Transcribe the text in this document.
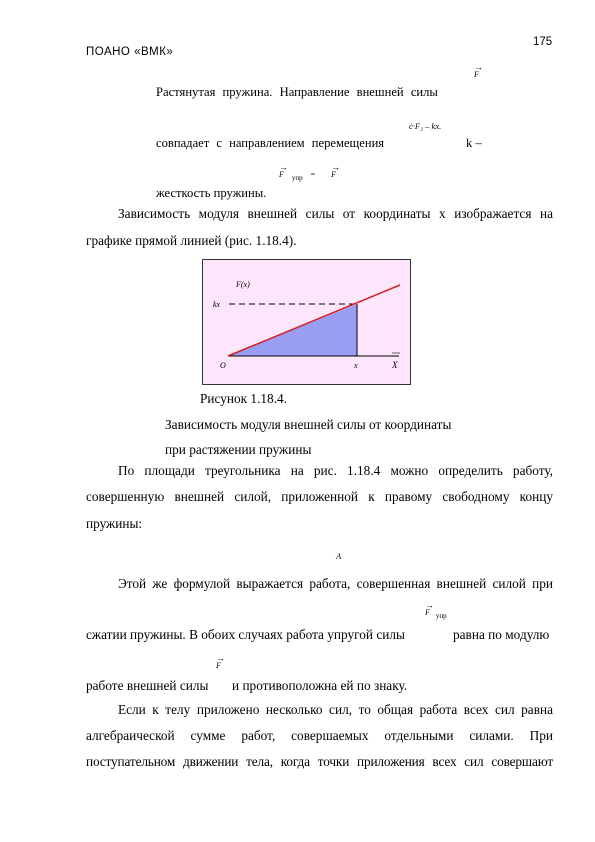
175
ПОАНО «ВМК»
→ F
Растянутая пружина. Направление внешней силы
ċ·F₂ – kx.
совпадает с направлением перемещения	k –
→ F $_{упр}$ = → F
жесткость пружины.
Зависимость модуля внешней силы от координаты x изображается на
графике прямой линией (рис. 1.18.4).
F(x)
kx
O	x	X
Рисунок 1.18.4.
Зависимость модуля внешней силы от координаты
при растяжении пружины
По площади треугольника на рис. 1.18.4 можно определить работу,
совершенную внешней силой, приложенной к правому свободному концу
пружины:
A
Этой же формулой выражается работа, совершенная внешней силой при
→ F $_{упр}$
сжатии пружины. В обоих случаях работа упругой силы	равна по модулю
→ F
работе внешней силы и противоположна ей по знаку.
Если к телу приложено несколько сил, то общая работа всех сил равна
алгебраической сумме работ, совершаемых отдельными силами. При
поступательном движении тела, когда точки приложения всех сил совершают
